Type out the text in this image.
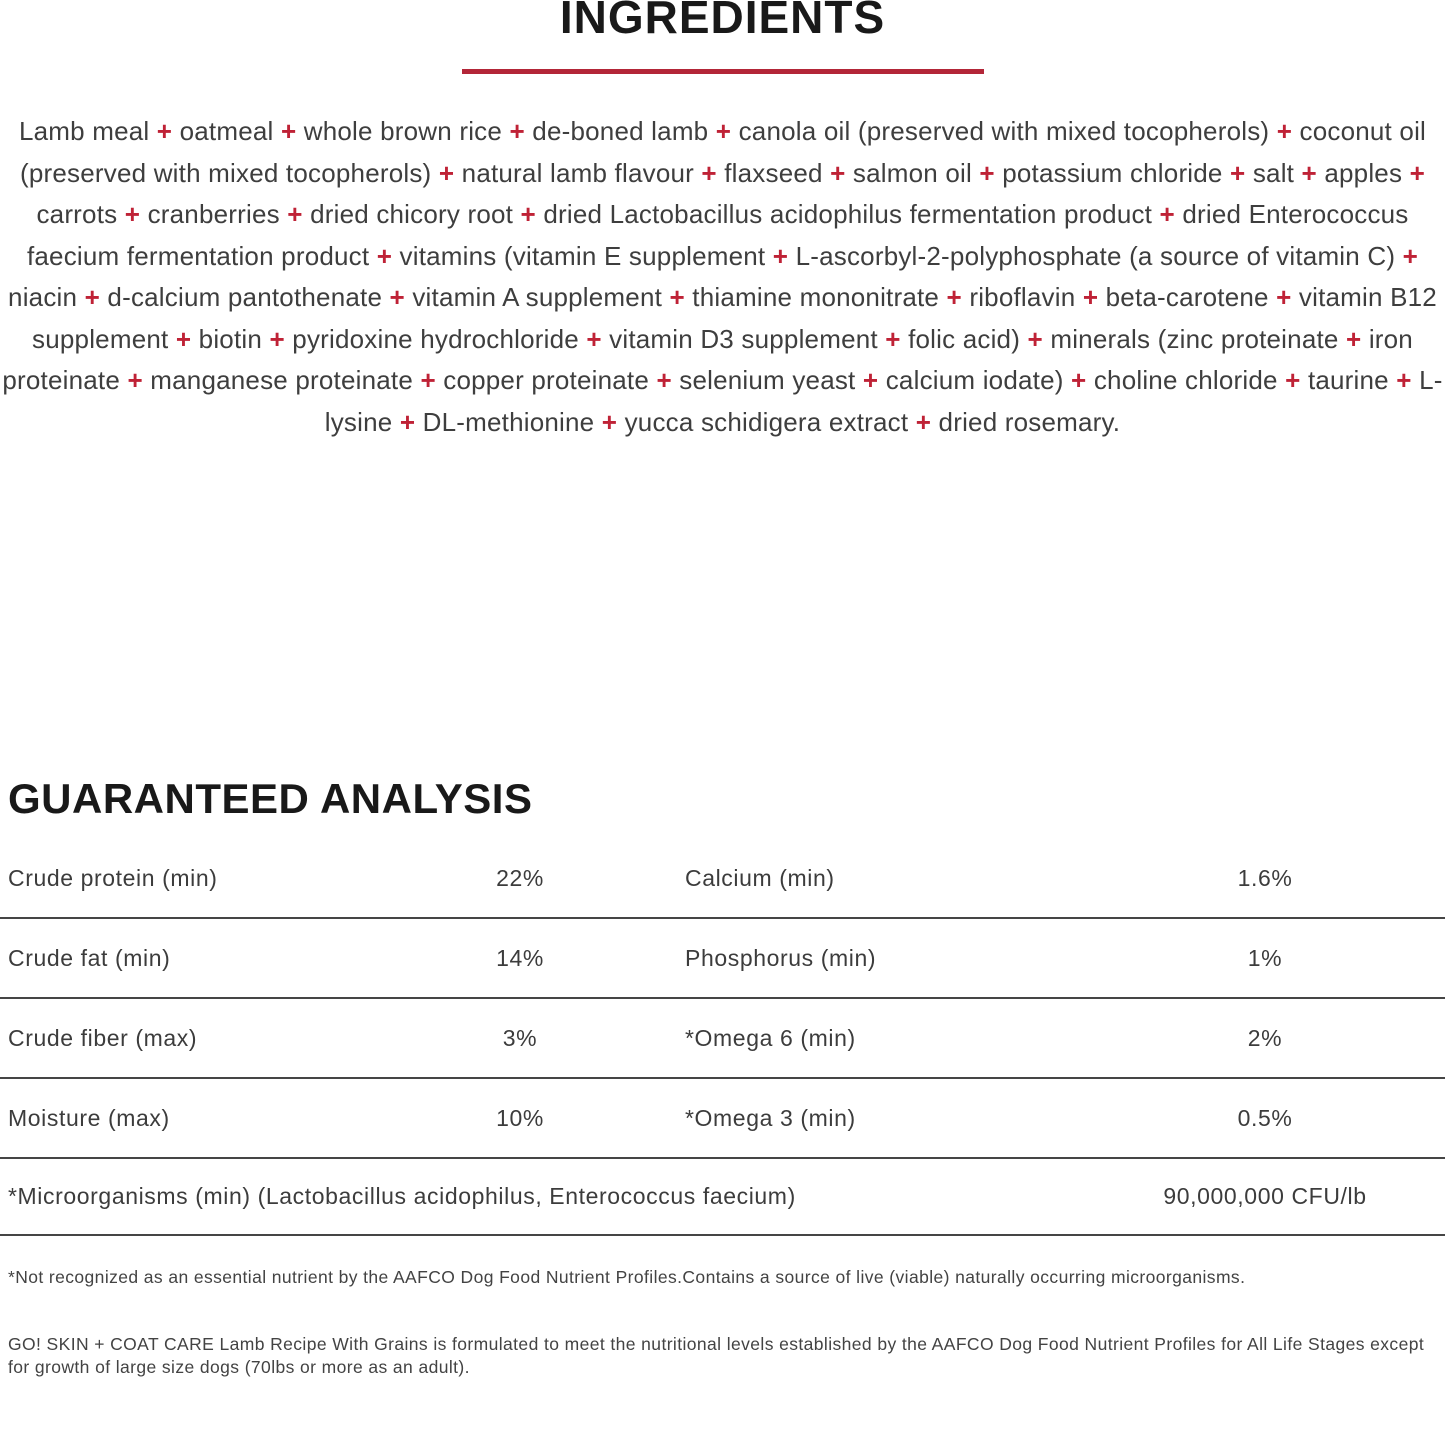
INGREDIENTS

Lamb meal + oatmeal + whole brown rice + de-boned lamb + canola oil (preserved with mixed tocopherols) + coconut oil (preserved with mixed tocopherols) + natural lamb flavour + flaxseed + salmon oil + potassium chloride + salt + apples + carrots + cranberries + dried chicory root + dried Lactobacillus acidophilus fermentation product + dried Enterococcus faecium fermentation product + vitamins (vitamin E supplement + L-ascorbyl-2-polyphosphate (a source of vitamin C) + niacin + d-calcium pantothenate + vitamin A supplement + thiamine mononitrate + riboflavin + beta-carotene + vitamin B12 supplement + biotin + pyridoxine hydrochloride + vitamin D3 supplement + folic acid) + minerals (zinc proteinate + iron proteinate + manganese proteinate + copper proteinate + selenium yeast + calcium iodate) + choline chloride + taurine + L-lysine + DL-methionine + yucca schidigera extract + dried rosemary.

GUARANTEED ANALYSIS
Crude protein (min)	22%	Calcium (min)	1.6%
Crude fat (min)	14%	Phosphorus (min)	1%
Crude fiber (max)	3%	*Omega 6 (min)	2%
Moisture (max)	10%	*Omega 3 (min)	0.5%
*Microorganisms (min) (Lactobacillus acidophilus, Enterococcus faecium)	90,000,000 CFU/lb

*Not recognized as an essential nutrient by the AAFCO Dog Food Nutrient Profiles.Contains a source of live (viable) naturally occurring microorganisms.

GO! SKIN + COAT CARE Lamb Recipe With Grains is formulated to meet the nutritional levels established by the AAFCO Dog Food Nutrient Profiles for All Life Stages except for growth of large size dogs (70lbs or more as an adult).
